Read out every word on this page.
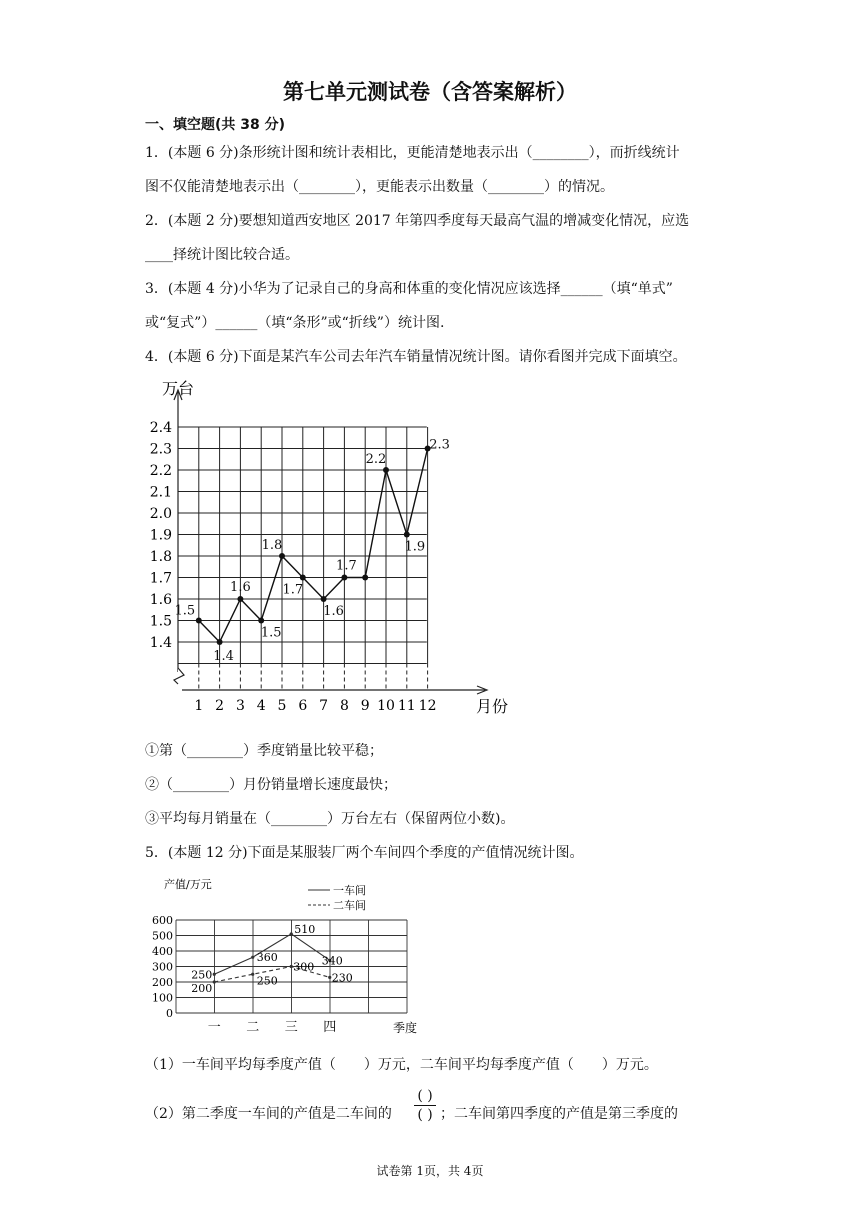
第七单元测试卷（含答案解析）
一、填空题(共 38 分)
1．(本题 6 分)条形统计图和统计表相比，更能清楚地表示出（________），而折线统计
图不仅能清楚地表示出（________），更能表示出数量（________）的情况。
2．(本题 2 分)要想知道西安地区 2017 年第四季度每天最高气温的增减变化情况，应选
____择统计图比较合适。
3．(本题 4 分)小华为了记录自己的身高和体重的变化情况应该选择______（填“单式”
或“复式”）______（填“条形”或“折线”）统计图.
4．(本题 6 分)下面是某汽车公司去年汽车销量情况统计图。请你看图并完成下面填空。
1 2 3 4 5 6 7 8 9 10 11 12
1.4
1.5
1.6
1.7
1.8
1.9
2.0
2.1
2.2
2.3
2.4
万台
月份
1.5
1.4
1.6
1.5
1.8
1.7
1.6
1.7
2.2
1.9
2.3
①第（________）季度销量比较平稳；
②（________）月份销量增长速度最快；
③平均每月销量在（________）万台左右（保留两位小数)。
5．(本题 12 分)下面是某服装厂两个车间四个季度的产值情况统计图。
0
100
200
300
400
500
600
产值/万元
一 二 三 四	季度
一车间
二车间
250
360
510
340
200
250
300
230
（1）一车间平均每季度产值（　　）万元，二车间平均每季度产值（　　）万元。
（2）第二季度一车间的产值是二车间的
( )
( ) ；二车间第四季度的产值是第三季度的
试卷第 1页，共 4页
